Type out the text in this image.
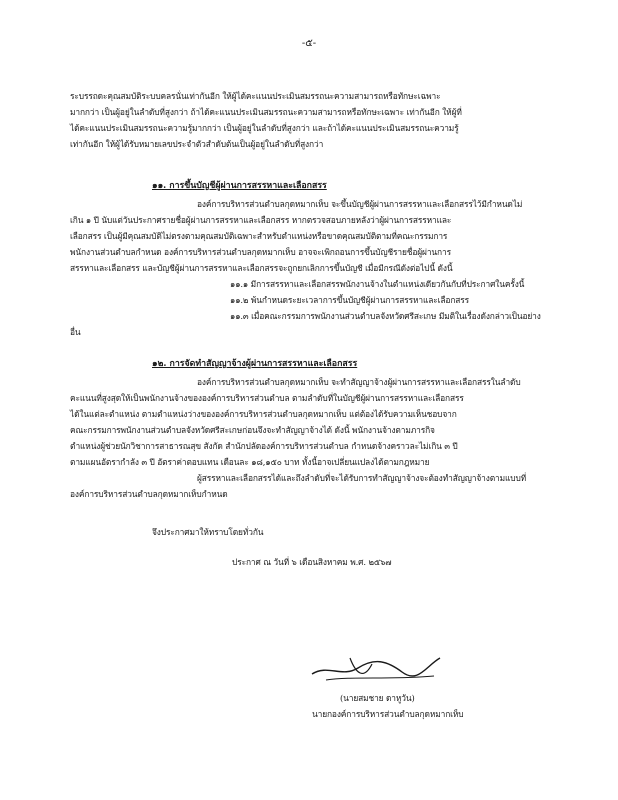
-๕-
ระบรรถดะคุณสมบัติระบบคลรนั่นเท่ากันอีก ให้ผู้ได้คะแนนประเมินสมรรถนะความสามารถหรือทักษะเฉพาะ
มากกว่า เป็นผู้อยู่ในลำดับที่สูงกว่า ถ้าได้คะแนนประเมินสมรรถนะความสามารถหรือทักษะเฉพาะ เท่ากันอีก ให้ผู้ที่
ได้คะแนนประเมินสมรรถนะความรู้มากกว่า เป็นผู้อยู่ในลำดับที่สูงกว่า และถ้าได้คะแนนประเมินสมรรถนะความรู้
เท่ากันอีก ให้ผู้ได้รับหมายเลขประจำตัวสำดับต้นเป็นผู้อยู่ในลำดับที่สูงกว่า
๑๑. การขึ้นบัญชีผู้ผ่านการสรรหาและเลือกสรร
องค์การบริหารส่วนตำบลกุดหมากเห็บ จะขึ้นบัญชีผู้ผ่านการสรรหาและเลือกสรรไว้มีกำหนดไม่
เกิน ๑ ปี นับแต่วันประกาศรายชื่อผู้ผ่านการสรรหาและเลือกสรร หากตรวจสอบภายหลังว่าผู้ผ่านการสรรหาและ
เลือกสรร เป็นผู้มีคุณสมบัติไม่ตรงตามคุณสมบัติเฉพาะสำหรับตำแหน่งหรือขาดคุณสมบัติตามที่คณะกรรมการ
พนักงานส่วนตำบลกำหนด องค์การบริหารส่วนตำบลกุดหมากเห็บ อาจจะเพิกถอนการขึ้นบัญชีรายชื่อผู้ผ่านการ
สรรหาและเลือกสรร และบัญชีผู้ผ่านการสรรหาและเลือกสรรจะถูกยกเลิกการขึ้นบัญชี เมื่อมีกรณีดังต่อไปนี้ ดังนี้
๑๑.๑ มีการสรรหาและเลือกสรรพนักงานจ้างในตำแหน่งเดียวกันกับที่ประกาศในครั้งนี้
๑๑.๒ พ้นกำหนดระยะเวลาการขึ้นบัญชีผู้ผ่านการสรรหาและเลือกสรร
๑๑.๓ เมื่อคณะกรรมการพนักงานส่วนตำบลจังหวัดศรีสะเกษ มีมติในเรื่องดังกล่าวเป็นอย่าง
อื่น
๑๒. การจัดทำสัญญาจ้างผู้ผ่านการสรรหาและเลือกสรร
องค์การบริหารส่วนตำบลกุดหมากเห็บ จะทำสัญญาจ้างผู้ผ่านการสรรหาและเลือกสรรในลำดับ
คะแนนที่สูงสุดให้เป็นพนักงานจ้างขององค์การบริหารส่วนตำบล ตามลำดับที่ในบัญชีผู้ผ่านการสรรหาและเลือกสรร
ได้ในแต่ละตำแหน่ง ตามตำแหน่งว่างขององค์การบริหารส่วนตำบลกุดหมากเห็บ แต่ต้องได้รับความเห็นชอบจาก
คณะกรรมการพนักงานส่วนตำบลจังหวัดศรีสะเกษก่อนจึงจะทำสัญญาจ้างได้ ดังนี้ พนักงานจ้างตามภารกิจ
ตำแหน่งผู้ช่วยนักวิชาการสาธารณสุข สังกัด สำนักปลัดองค์การบริหารส่วนตำบล กำหนดจ้างคราวละไม่เกิน ๓ ปี
ตามแผนอัตรากำลัง ๓ ปี อัตราค่าตอบแทน เดือนละ ๑๘,๑๕๐ บาท ทั้งนี้อาจเปลี่ยนแปลงได้ตามกฎหมาย
ผู้สรรหาและเลือกสรรได้และถึงลำดับที่จะได้รับการทำสัญญาจ้างจะต้องทำสัญญาจ้างตามแบบที่
องค์การบริหารส่วนตำบลกุดหมากเห็บกำหนด
จึงประกาศมาให้ทราบโดยทั่วกัน
ประกาศ ณ วันที่ ๖ เดือนสิงหาคม พ.ศ. ๒๕๖๗
(นายสมชาย ดาหูวัน)
นายกองค์การบริหารส่วนตำบลกุดหมากเห็บ
